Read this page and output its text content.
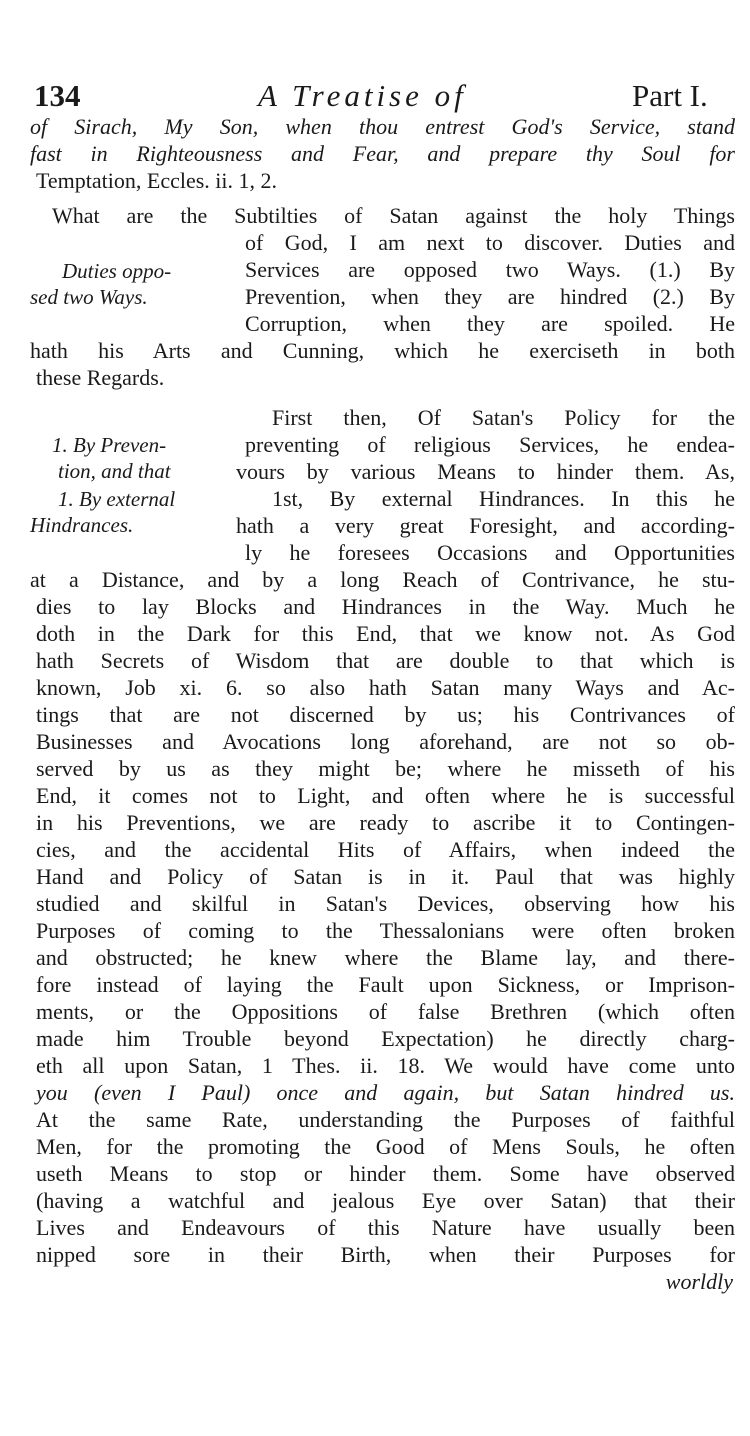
134	A Treatise of	Part I.
of Sirach, My Son, when thou entrest God's Service, stand
fast in Righteousness and Fear, and prepare thy Soul for
Temptation, Eccles. ii. 1, 2.
What are the Subtilties of Satan against the holy Things
of God, I am next to discover. Duties and
Services are opposed two Ways. (1.) By
Prevention, when they are hindred (2.) By
Corruption, when they are spoiled. He
hath his Arts and Cunning, which he exerciseth in both
these Regards.
First then, Of Satan's Policy for the
preventing of religious Services, he endea-
vours by various Means to hinder them. As,
1st, By external Hindrances. In this he
hath a very great Foresight, and according-
ly he foresees Occasions and Opportunities
at a Distance, and by a long Reach of Contrivance, he stu-
dies to lay Blocks and Hindrances in the Way. Much he
doth in the Dark for this End, that we know not. As God
hath Secrets of Wisdom that are double to that which is
known, Job xi. 6. so also hath Satan many Ways and Ac-
tings that are not discerned by us; his Contrivances of
Businesses and Avocations long aforehand, are not so ob-
served by us as they might be; where he misseth of his
End, it comes not to Light, and often where he is successful
in his Preventions, we are ready to ascribe it to Contingen-
cies, and the accidental Hits of Affairs, when indeed the
Hand and Policy of Satan is in it. Paul that was highly
studied and skilful in Satan's Devices, observing how his
Purposes of coming to the Thessalonians were often broken
and obstructed; he knew where the Blame lay, and there-
fore instead of laying the Fault upon Sickness, or Imprison-
ments, or the Oppositions of false Brethren (which often
made him Trouble beyond Expectation) he directly charg-
eth all upon Satan, 1 Thes. ii. 18. We would have come unto
you (even I Paul) once and again, but Satan hindred us.
At the same Rate, understanding the Purposes of faithful
Men, for the promoting the Good of Mens Souls, he often
useth Means to stop or hinder them. Some have observed
(having a watchful and jealous Eye over Satan) that their
Lives and Endeavours of this Nature have usually been
nipped sore in their Birth, when their Purposes for
worldly
Duties oppo-
sed two Ways.
1. By Preven-
tion, and that
1. By external
Hindrances.
